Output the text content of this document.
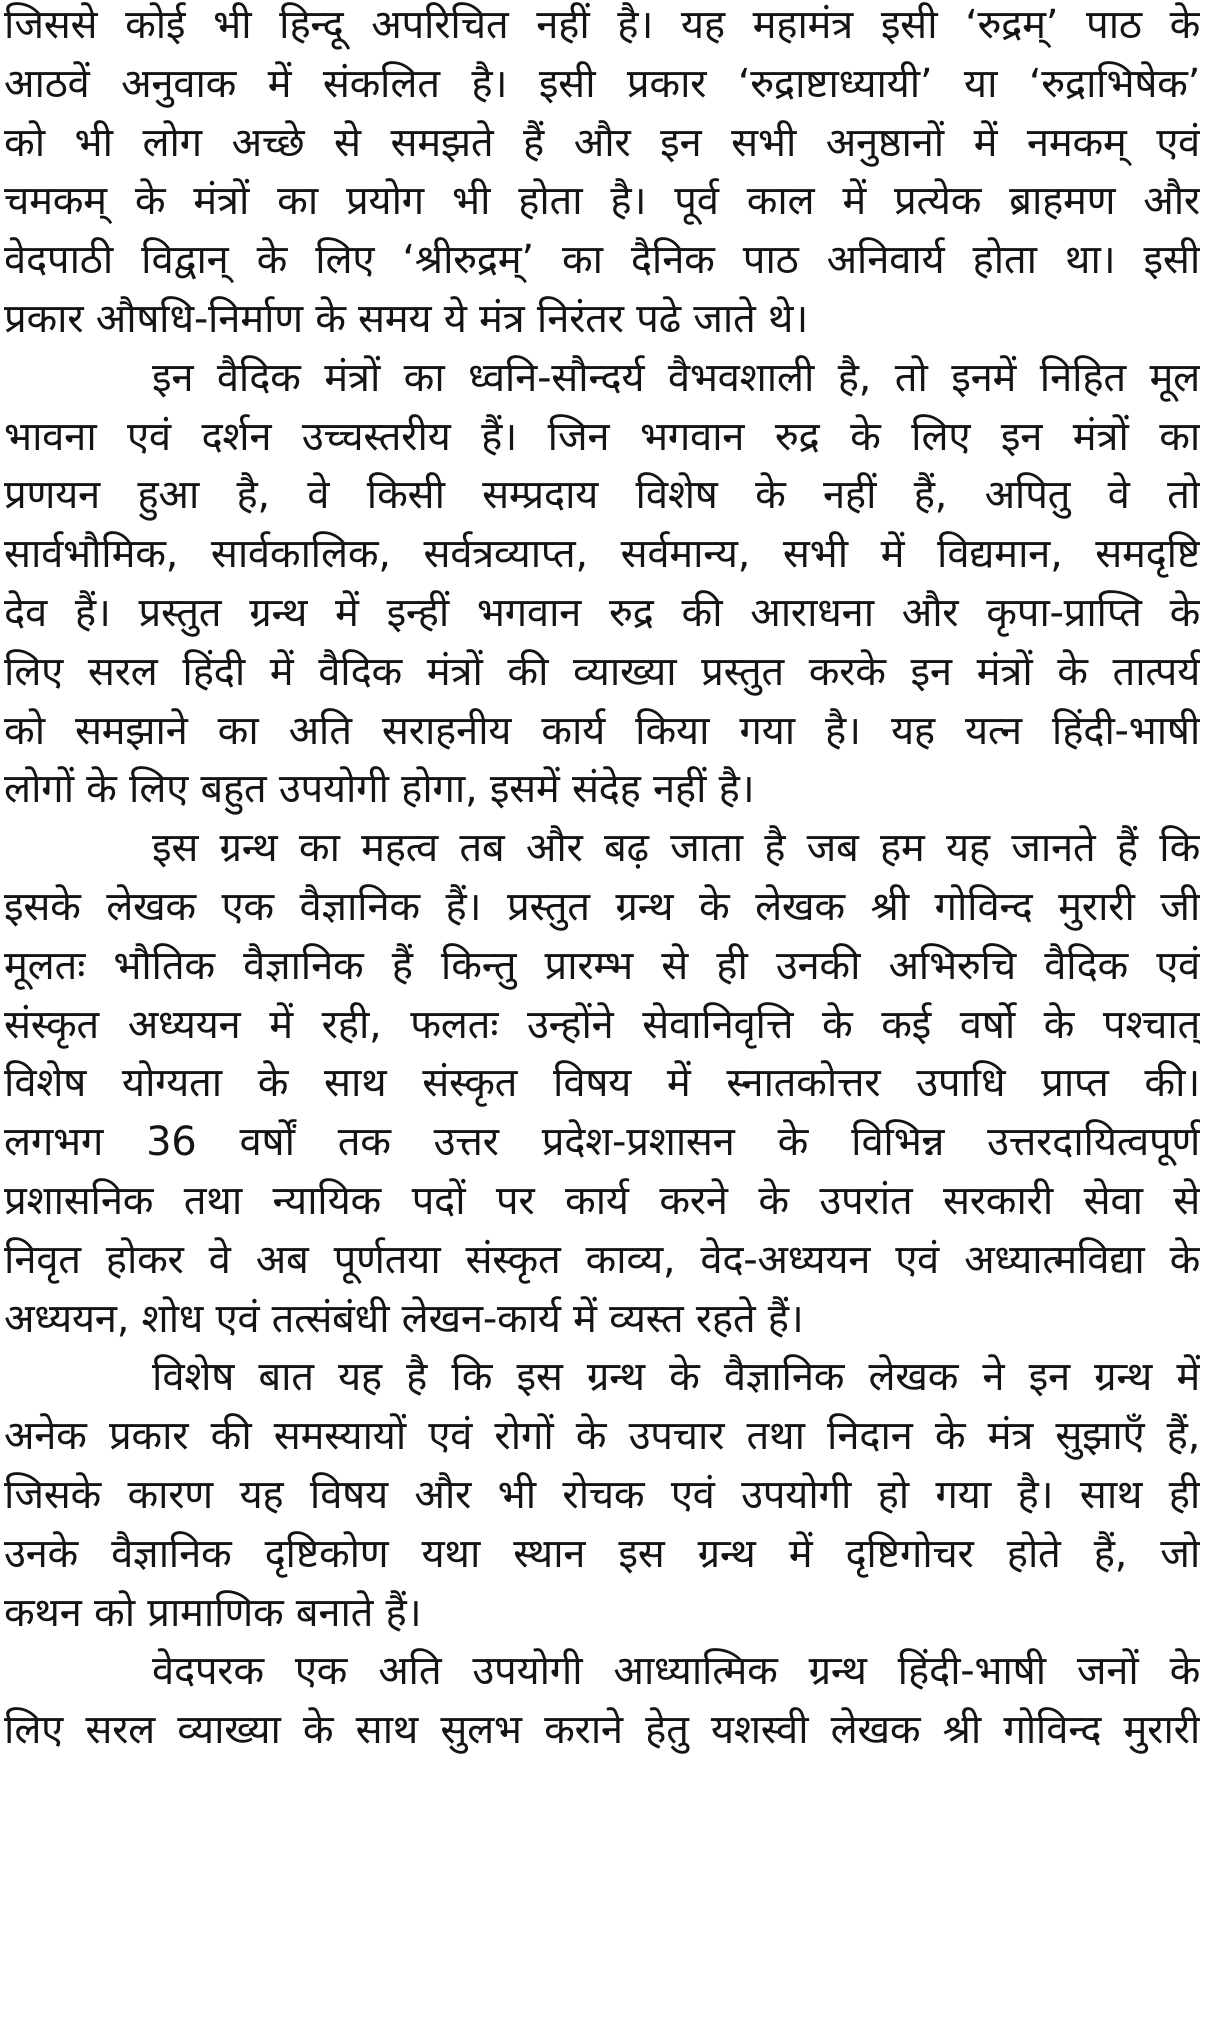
जिससे कोई भी हिन्दू अपरिचित नहीं है। यह महामंत्र इसी ‘रुद्रम्’ पाठ के
आठवें अनुवाक में संकलित है। इसी प्रकार ‘रुद्राष्टाध्यायी’ या ‘रुद्राभिषेक’
को भी लोग अच्छे से समझते हैं और इन सभी अनुष्ठानों में नमकम् एवं
चमकम् के मंत्रों का प्रयोग भी होता है। पूर्व काल में प्रत्येक ब्राहमण और
वेदपाठी विद्वान् के लिए ‘श्रीरुद्रम्’ का दैनिक पाठ अनिवार्य होता था। इसी
प्रकार औषधि-निर्माण के समय ये मंत्र निरंतर पढे जाते थे।
इन वैदिक मंत्रों का ध्वनि-सौन्दर्य वैभवशाली है, तो इनमें निहित मूल
भावना एवं दर्शन उच्चस्तरीय हैं। जिन भगवान रुद्र के लिए इन मंत्रों का
प्रणयन हुआ है, वे किसी सम्प्रदाय विशेष के नहीं हैं, अपितु वे तो
सार्वभौमिक, सार्वकालिक, सर्वत्रव्याप्त, सर्वमान्य, सभी में विद्यमान, समदृष्टि
देव हैं। प्रस्तुत ग्रन्थ में इन्हीं भगवान रुद्र की आराधना और कृपा-प्राप्ति के
लिए सरल हिंदी में वैदिक मंत्रों की व्याख्या प्रस्तुत करके इन मंत्रों के तात्पर्य
को समझाने का अति सराहनीय कार्य किया गया है। यह यत्न हिंदी-भाषी
लोगों के लिए बहुत उपयोगी होगा, इसमें संदेह नहीं है।
इस ग्रन्थ का महत्व तब और बढ़ जाता है जब हम यह जानते हैं कि
इसके लेखक एक वैज्ञानिक हैं। प्रस्तुत ग्रन्थ के लेखक श्री गोविन्द मुरारी जी
मूलतः भौतिक वैज्ञानिक हैं किन्तु प्रारम्भ से ही उनकी अभिरुचि वैदिक एवं
संस्कृत अध्ययन में रही, फलतः उन्होंने सेवानिवृत्ति के कई वर्षो के पश्चात्
विशेष योग्यता के साथ संस्कृत विषय में स्नातकोत्तर उपाधि प्राप्त की।
लगभग 36 वर्षों तक उत्तर प्रदेश-प्रशासन के विभिन्न उत्तरदायित्वपूर्ण
प्रशासनिक तथा न्यायिक पदों पर कार्य करने के उपरांत सरकारी सेवा से
निवृत होकर वे अब पूर्णतया संस्कृत काव्य, वेद-अध्ययन एवं अध्यात्मविद्या के
अध्ययन, शोध एवं तत्संबंधी लेखन-कार्य में व्यस्त रहते हैं।
विशेष बात यह है कि इस ग्रन्थ के वैज्ञानिक लेखक ने इन ग्रन्थ में
अनेक प्रकार की समस्यायों एवं रोगों के उपचार तथा निदान के मंत्र सुझाएँ हैं,
जिसके कारण यह विषय और भी रोचक एवं उपयोगी हो गया है। साथ ही
उनके वैज्ञानिक दृष्टिकोण यथा स्थान इस ग्रन्थ में दृष्टिगोचर होते हैं, जो
कथन को प्रामाणिक बनाते हैं।
वेदपरक एक अति उपयोगी आध्यात्मिक ग्रन्थ हिंदी-भाषी जनों के
लिए सरल व्याख्या के साथ सुलभ कराने हेतु यशस्वी लेखक श्री गोविन्द मुरारी
